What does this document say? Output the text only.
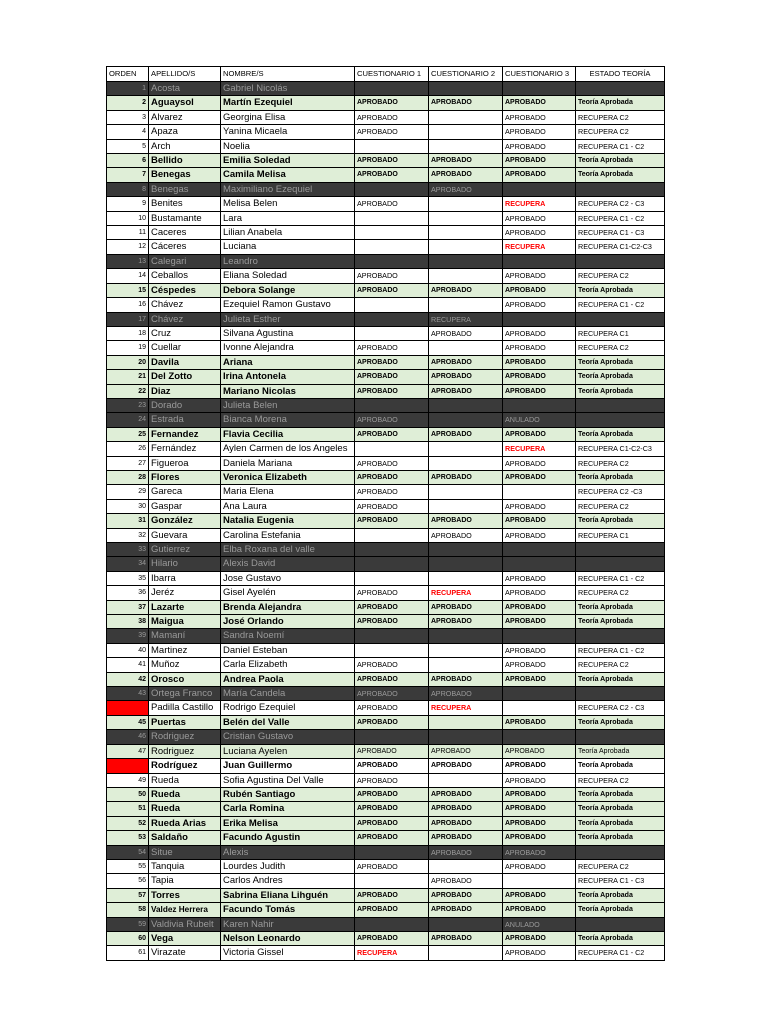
ORDEN	APELLIDO/S	NOMBRE/S	CUESTIONARIO 1	CUESTIONARIO 2	CUESTIONARIO 3	ESTADO TEORÍA
1	Acosta	Gabriel Nicolás				
2	Aguaysol	Martín Ezequiel	APROBADO	APROBADO	APROBADO	Teoría Aprobada
3	Alvarez	Georgina Elisa	APROBADO		APROBADO	RECUPERA C2
4	Apaza	Yanina Micaela	APROBADO		APROBADO	RECUPERA C2
5	Arch	Noelia			APROBADO	RECUPERA C1 - C2
6	Bellido	Emilia Soledad	APROBADO	APROBADO	APROBADO	Teoría Aprobada
7	Benegas	Camila Melisa	APROBADO	APROBADO	APROBADO	Teoría Aprobada
8	Benegas	Maximiliano Ezequiel		APROBADO		
9	Benites	Melisa Belen	APROBADO		RECUPERA	RECUPERA C2 - C3
10	Bustamante	Lara			APROBADO	RECUPERA C1 - C2
11	Caceres	Lilian Anabela			APROBADO	RECUPERA C1 - C3
12	Cáceres	Luciana			RECUPERA	RECUPERA C1-C2-C3
13	Calegari	Leandro				
14	Ceballos	Eliana Soledad	APROBADO		APROBADO	RECUPERA C2
15	Céspedes	Debora Solange	APROBADO	APROBADO	APROBADO	Teoría Aprobada
16	Chávez	Ezequiel Ramon Gustavo			APROBADO	RECUPERA C1 - C2
17	Chávez	Julieta Esther		RECUPERA		
18	Cruz	Silvana Agustina		APROBADO	APROBADO	RECUPERA C1
19	Cuellar	Ivonne Alejandra	APROBADO		APROBADO	RECUPERA C2
20	Davila	Ariana	APROBADO	APROBADO	APROBADO	Teoría Aprobada
21	Del Zotto	Irina Antonela	APROBADO	APROBADO	APROBADO	Teoría Aprobada
22	Diaz	Mariano Nicolas	APROBADO	APROBADO	APROBADO	Teoría Aprobada
23	Dorado	Julieta Belen				
24	Estrada	Bianca Morena	APROBADO		ANULADO	
25	Fernandez	Flavia Cecilia	APROBADO	APROBADO	APROBADO	Teoría Aprobada
26	Fernández	Aylen Carmen de los Angeles			RECUPERA	RECUPERA C1-C2-C3
27	Figueroa	Daniela Mariana	APROBADO		APROBADO	RECUPERA C2
28	Flores	Veronica Elizabeth	APROBADO	APROBADO	APROBADO	Teoría Aprobada
29	Gareca	Maria Elena	APROBADO			RECUPERA C2 -C3
30	Gaspar	Ana Laura	APROBADO		APROBADO	RECUPERA C2
31	González	Natalia Eugenia	APROBADO	APROBADO	APROBADO	Teoría Aprobada
32	Guevara	Carolina Estefania		APROBADO	APROBADO	RECUPERA C1
33	Gutierrez	Elba Roxana del valle				
34	Hilario	Alexis David				
35	Ibarra	Jose Gustavo			APROBADO	RECUPERA C1 - C2
36	Jeréz	Gisel Ayelén	APROBADO	RECUPERA	APROBADO	RECUPERA C2
37	Lazarte	Brenda Alejandra	APROBADO	APROBADO	APROBADO	Teoría Aprobada
38	Maigua	José Orlando	APROBADO	APROBADO	APROBADO	Teoría Aprobada
39	Mamaní	Sandra Noemí				
40	Martinez	Daniel Esteban			APROBADO	RECUPERA C1 - C2
41	Muñoz	Carla Elizabeth	APROBADO		APROBADO	RECUPERA C2
42	Orosco	Andrea Paola	APROBADO	APROBADO	APROBADO	Teoría Aprobada
43	Ortega Franco	María Candela	APROBADO	APROBADO		
44	Padilla Castillo	Rodrigo Ezequiel	APROBADO	RECUPERA		RECUPERA C2 - C3
45	Puertas	Belén del Valle	APROBADO		APROBADO	Teoría Aprobada
46	Rodriguez	Cristian Gustavo				
47	Rodriguez	Luciana Ayelen	APROBADO	APROBADO	APROBADO	Teoría Aprobada
48	Rodríguez	Juan Guillermo	APROBADO	APROBADO	APROBADO	Teoría Aprobada
49	Rueda	Sofia Agustina Del Valle	APROBADO		APROBADO	RECUPERA C2
50	Rueda	Rubén Santiago	APROBADO	APROBADO	APROBADO	Teoría Aprobada
51	Rueda	Carla Romina	APROBADO	APROBADO	APROBADO	Teoría Aprobada
52	Rueda Arias	Erika Melisa	APROBADO	APROBADO	APROBADO	Teoría Aprobada
53	Saldaño	Facundo Agustin	APROBADO	APROBADO	APROBADO	Teoría Aprobada
54	Situe	Alexis		APROBADO	APROBADO	
55	Tanquia	Lourdes Judith	APROBADO		APROBADO	RECUPERA C2
56	Tapia	Carlos Andres		APROBADO		RECUPERA C1 - C3
57	Torres	Sabrina Eliana Lihguén	APROBADO	APROBADO	APROBADO	Teoría Aprobada
58	Valdez Herrera	Facundo Tomás	APROBADO	APROBADO	APROBADO	Teoría Aprobada
59	Valdivia Rubelt	Karen Nahir			ANULADO	
60	Vega	Nelson Leonardo	APROBADO	APROBADO	APROBADO	Teoría Aprobada
61	Virazate	Victoria Gissel	RECUPERA		APROBADO	RECUPERA C1 - C2
